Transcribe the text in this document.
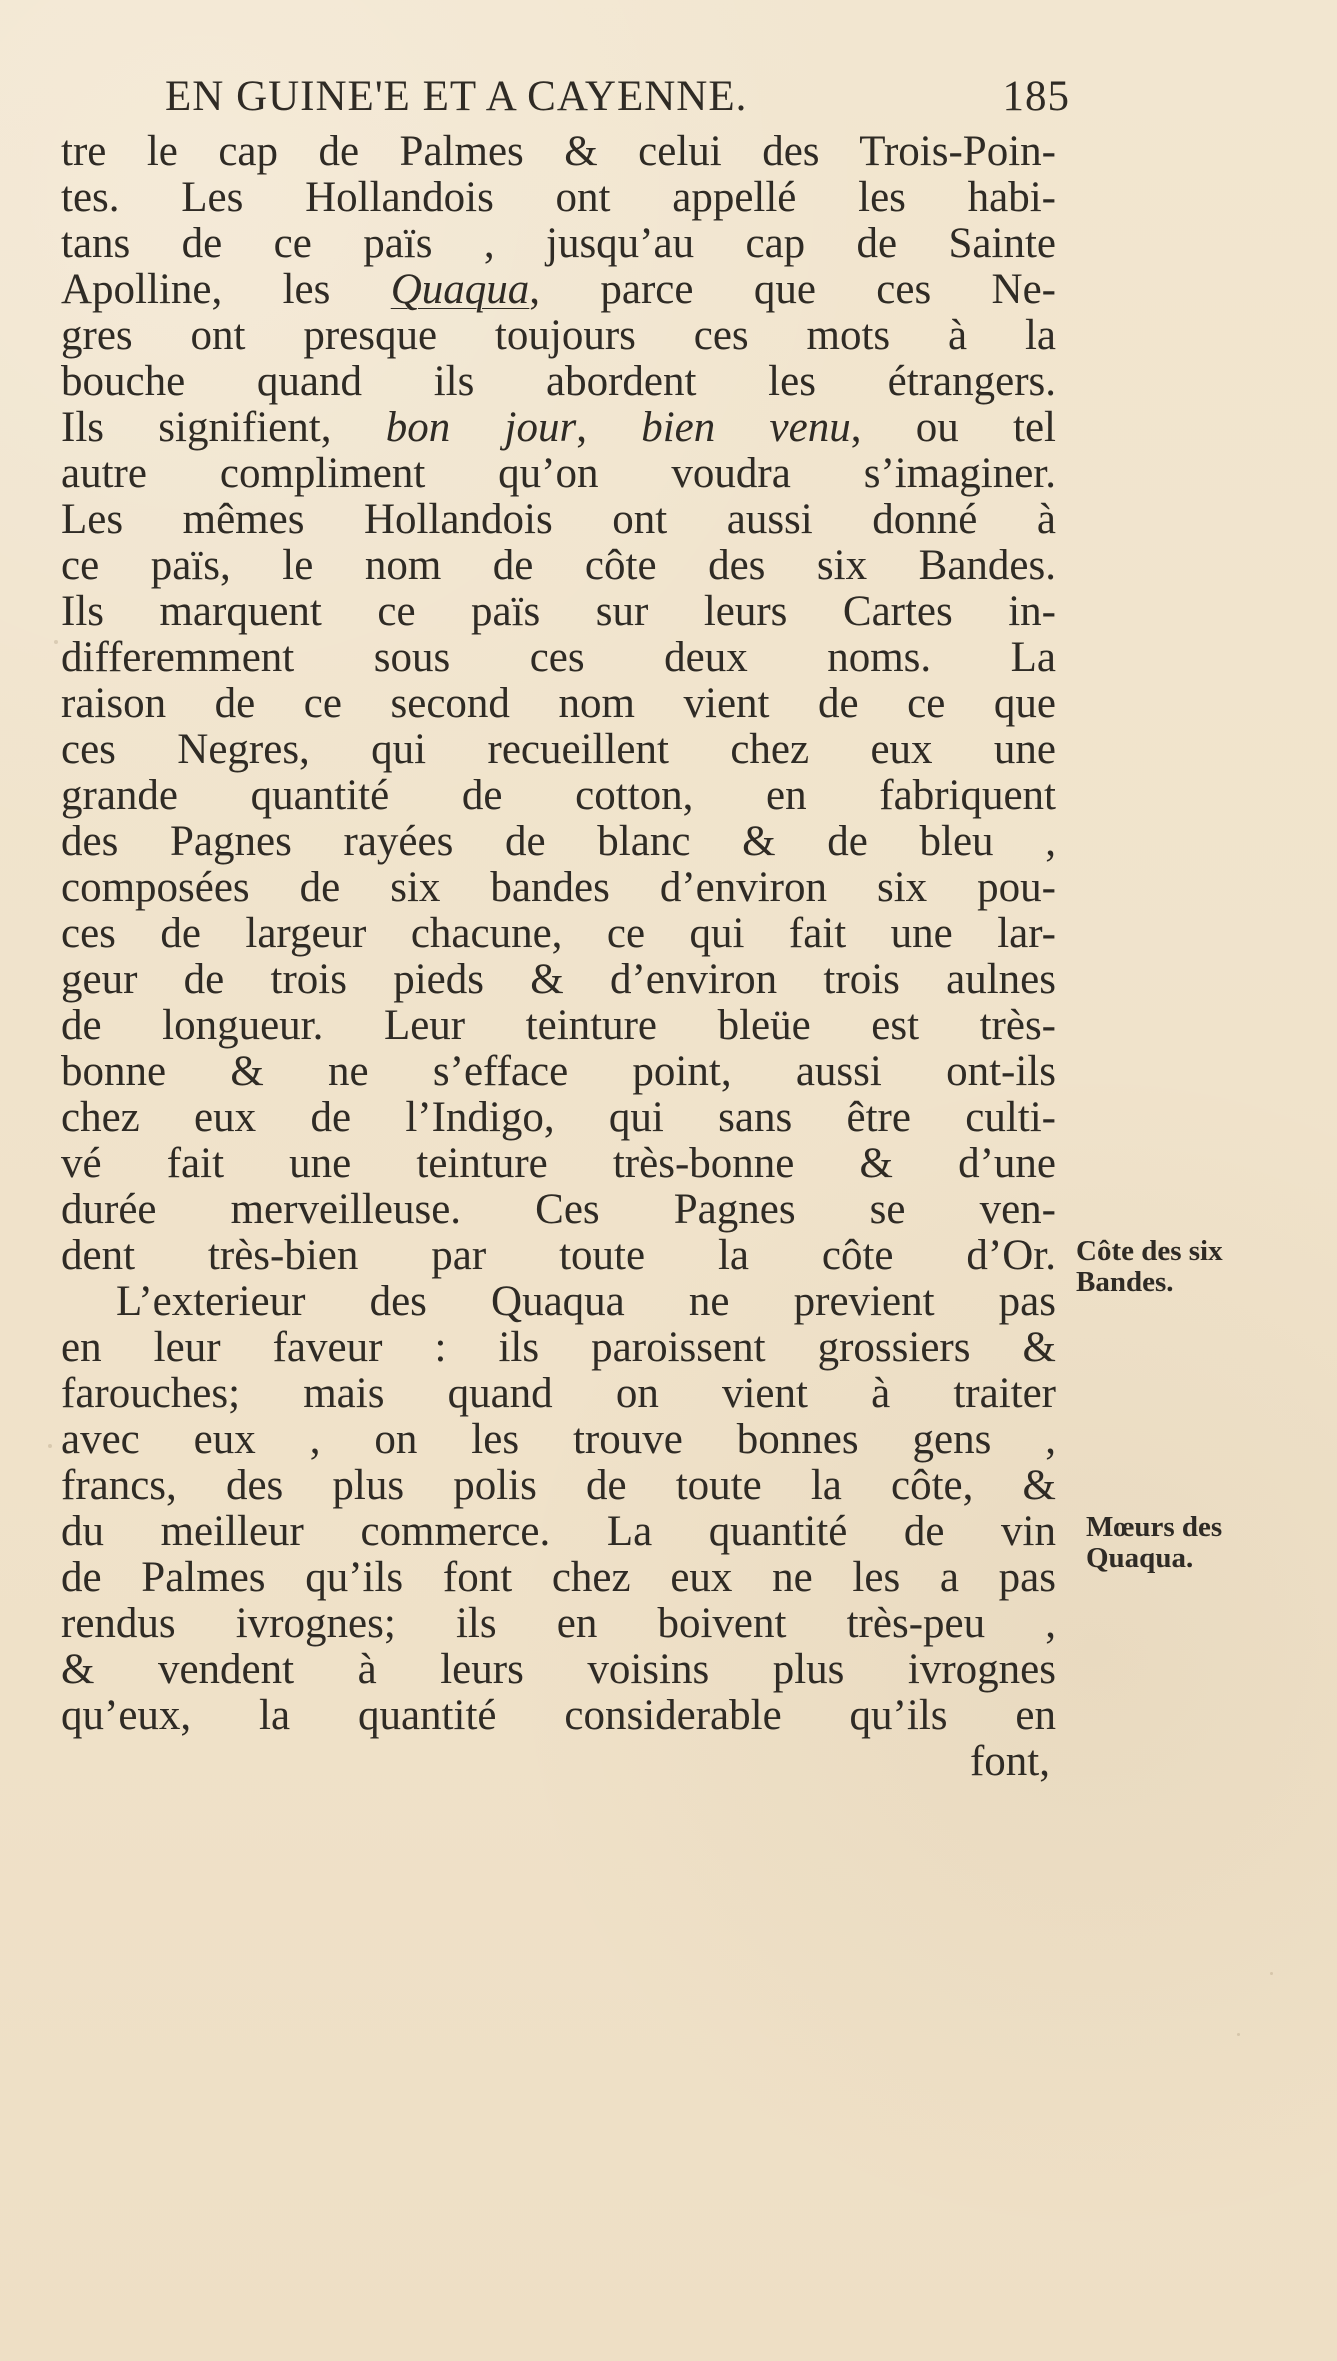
EN GUINE'E ET A CAYENNE.	185
tre le cap de Palmes & celui des Trois-Poin-
tes. Les Hollandois ont appellé les habi-
tans de ce païs , jusqu’au cap de Sainte
Apolline, les Quaqua, parce que ces Ne-
gres ont presque toujours ces mots à la
bouche quand ils abordent les étrangers.
Ils signifient, bon jour, bien venu, ou tel
autre compliment qu’on voudra s’imaginer.
Les mêmes Hollandois ont aussi donné à
ce païs, le nom de côte des six Bandes.
Ils marquent ce païs sur leurs Cartes in-
differemment sous ces deux noms. La
raison de ce second nom vient de ce que
ces Negres, qui recueillent chez eux une
grande quantité de cotton, en fabriquent
des Pagnes rayées de blanc & de bleu ,
composées de six bandes d’environ six pou-
ces de largeur chacune, ce qui fait une lar-
geur de trois pieds & d’environ trois aulnes
de longueur. Leur teinture bleüe est très-
bonne & ne s’efface point, aussi ont-ils
chez eux de l’Indigo, qui sans être culti-
vé fait une teinture très-bonne & d’une
durée merveilleuse. Ces Pagnes se ven-
dent très-bien par toute la côte d’Or.
L’exterieur des Quaqua ne previent pas
en leur faveur : ils paroissent grossiers &
farouches; mais quand on vient à traiter
avec eux , on les trouve bonnes gens ,
francs, des plus polis de toute la côte, &
du meilleur commerce. La quantité de vin
de Palmes qu’ils font chez eux ne les a pas
rendus ivrognes; ils en boivent très-peu ,
& vendent à leurs voisins plus ivrognes
qu’eux, la quantité considerable qu’ils en
font,
Côte des six
Bandes.
Mœurs des
Quaqua.
